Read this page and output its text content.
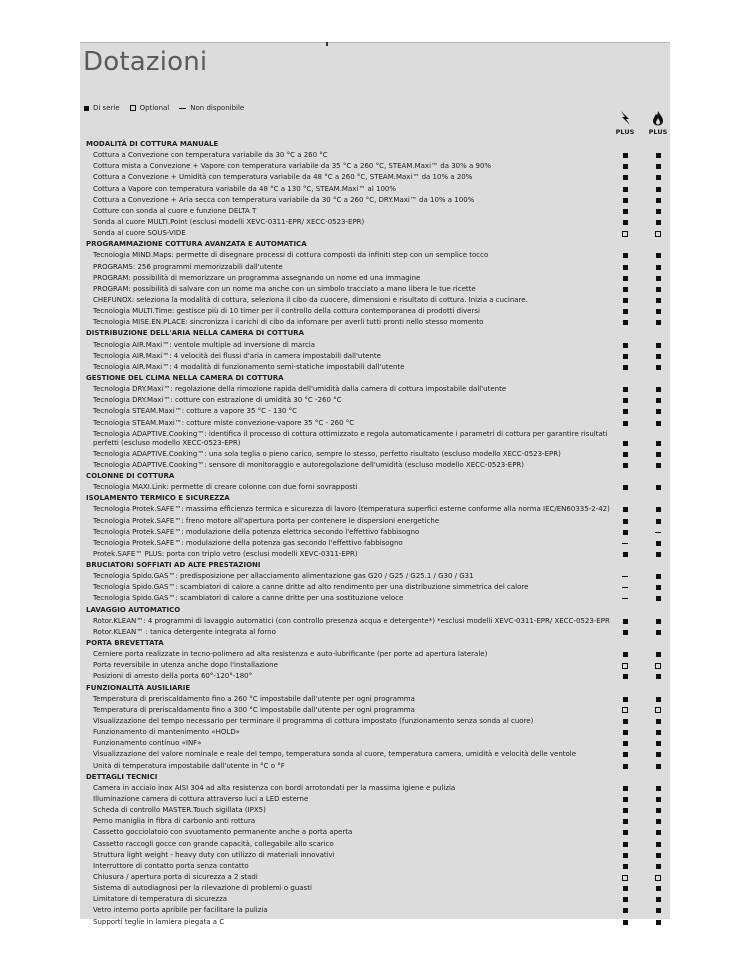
Dotazioni
Di serie	Optional	Non disponibile
PLUS PLUS
MODALITÀ DI COTTURA MANUALE
Cottura a Convezione con temperatura variabile da 30 °C a 260 °C
Cottura mista a Convezione + Vapore con temperatura variabile da 35 °C a 260 °C, STEAM.Maxi™ da 30% a 90%
Cottura a Convezione + Umidità con temperatura variabile da 48 °C a 260 °C, STEAM.Maxi™ da 10% a 20%
Cottura a Vapore con temperatura variabile da 48 °C a 130 °C, STEAM.Maxi™ al 100%
Cottura a Convezione + Aria secca con temperatura variabile da 30 °C a 260 °C, DRY.Maxi™ da 10% a 100%
Cotture con sonda al cuore e funzione DELTA T
Sonda al cuore MULTI.Point (esclusi modelli XEVC-0311-EPR/ XECC-0523-EPR)
Sonda al cuore SOUS-VIDE
PROGRAMMAZIONE COTTURA AVANZATA E AUTOMATICA
Tecnologia MIND.Maps: permette di disegnare processi di cottura composti da infiniti step con un semplice tocco
PROGRAMS: 256 programmi memorizzabili dall'utente
PROGRAM: possibilità di memorizzare un programma assegnando un nome ed una immagine
PROGRAM: possibilità di salvare con un nome ma anche con un simbolo tracciato a mano libera le tue ricette
CHEFUNOX: seleziona la modalità di cottura, seleziona il cibo da cuocere, dimensioni e risultato di cottura. Inizia a cucinare.
Tecnologia MULTI.Time: gestisce più di 10 timer per il controllo della cottura contemporanea di prodotti diversi
Tecnologia MISE.EN.PLACE: sincronizza i carichi di cibo da infornare per averli tutti pronti nello stesso momento
DISTRIBUZIONE DELL'ARIA NELLA CAMERA DI COTTURA
Tecnologia AIR.Maxi™: ventole multiple ad inversione di marcia
Tecnologia AIR.Maxi™: 4 velocità dei flussi d'aria in camera impostabili dall'utente
Tecnologia AIR.Maxi™: 4 modalità di funzionamento semi-statiche impostabili dall'utente
GESTIONE DEL CLIMA NELLA CAMERA DI COTTURA
Tecnologia DRY.Maxi™: regolazione della rimozione rapida dell'umidità dalla camera di cottura impostabile dall'utente
Tecnologia DRY.Maxi™: cotture con estrazione di umidità 30 °C -260 °C
Tecnologia STEAM.Maxi™: cotture a vapore 35 °C - 130 °C
Tecnologia STEAM.Maxi™: cotture miste convezione-vapore 35 °C - 260 °C
Tecnologia ADAPTIVE.Cooking™: identifica il processo di cottura ottimizzato e regola automaticamente i parametri di cottura per garantire risultati perfetti (escluso modello XECC-0523-EPR)
Tecnologia ADAPTIVE.Cooking™: una sola teglia o pieno carico, sempre lo stesso, perfetto risultato (escluso modello XECC-0523-EPR)
Tecnologia ADAPTIVE.Cooking™: sensore di monitoraggio e autoregolazione dell'umidità (escluso modello XECC-0523-EPR)
COLONNE DI COTTURA
Tecnologia MAXI.Link: permette di creare colonne con due forni sovrapposti
ISOLAMENTO TERMICO E SICUREZZA
Tecnologia Protek.SAFE™: massima efficienza termica e sicurezza di lavoro (temperatura superfici esterne conforme alla norma IEC/EN60335-2-42)
Tecnologia Protek.SAFE™: freno motore all'apertura porta per contenere le dispersioni energetiche
Tecnologia Protek.SAFE™: modulazione della potenza elettrica secondo l'effettivo fabbisogno
Tecnologia Protek.SAFE™: modulazione della potenza gas secondo l'effettivo fabbisogno
Protek.SAFE™ PLUS: porta con triplo vetro (esclusi modelli XEVC-0311-EPR)
BRUCIATORI SOFFIATI AD ALTE PRESTAZIONI
Tecnologia Spido.GAS™: predisposizione per allacciamento alimentazione gas G20 / G25 / G25.1 / G30 / G31
Tecnologia Spido.GAS™: scambiatori di calore a canne dritte ad alto rendimento per una distribuzione simmetrica del calore
Tecnologia Spido.GAS™: scambiatori di calore a canne dritte per una sostituzione veloce
LAVAGGIO AUTOMATICO
Rotor.KLEAN™: 4 programmi di lavaggio automatici (con controllo presenza acqua e detergente*) *esclusi modelli XEVC-0311-EPR/ XECC-0523-EPR
Rotor.KLEAN™ : tanica detergente integrata al forno
PORTA BREVETTATA
Cerniere porta realizzate in tecno-polimero ad alta resistenza e auto-lubrificante (per porte ad apertura laterale)
Porta reversibile in utenza anche dopo l'installazione
Posizioni di arresto della porta 60°-120°-180°
FUNZIONALITÀ AUSILIARIE
Temperatura di preriscaldamento fino a 260 °C impostabile dall'utente per ogni programma
Temperatura di preriscaldamento fino a 300 °C impostabile dall'utente per ogni programma
Visualizzazione del tempo necessario per terminare il programma di cottura impostato (funzionamento senza sonda al cuore)
Funzionamento di mantenimento «HOLD»
Funzionamento continuo «INF»
Visualizzazione del valore nominale e reale del tempo, temperatura sonda al cuore, temperatura camera, umidità e velocità delle ventole
Unità di temperatura impostabile dall'utente in °C o °F
DETTAGLI TECNICI
Camera in acciaio inox AISI 304 ad alta resistenza con bordi arrotondati per la massima igiene e pulizia
Illuminazione camera di cottura attraverso luci a LED esterne
Scheda di controllo MASTER.Touch sigillata (IPX5)
Perno maniglia in fibra di carbonio anti rottura
Cassetto gocciolatoio con svuotamento permanente anche a porta aperta
Cassetto raccogli gocce con grande capacità, collegabile allo scarico
Struttura light weight - heavy duty con utilizzo di materiali innovativi
Interruttore di contatto porta senza contatto
Chiusura / apertura porta di sicurezza a 2 stadi
Sistema di autodiagnosi per la rilevazione di problemi o guasti
Limitatore di temperatura di sicurezza
Vetro interno porta apribile per facilitare la pulizia
Supporti teglie in lamiera piegata a C
